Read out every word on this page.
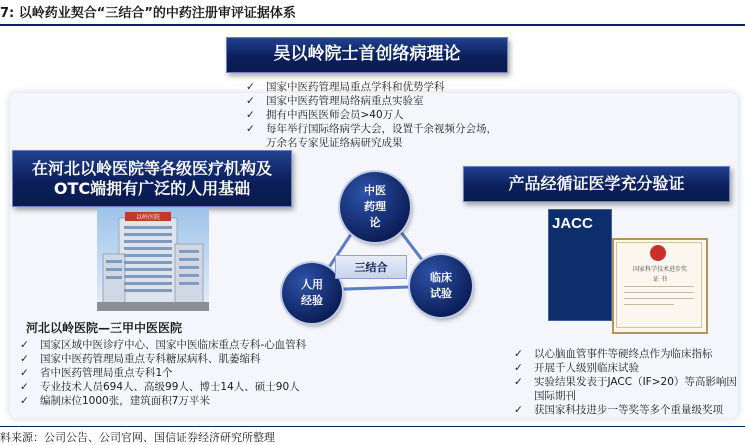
7: 以岭药业契合“三结合”的中药注册审评证据体系
吴以岭院士首创络病理论
✓ 国家中医药管理局重点学科和优势学科
✓ 国家中医药管理局络病重点实验室
✓ 拥有中西医医师会员>40万人
✓ 每年举行国际络病学大会，设置千余视频分会场，
万余名专家见证络病研究成果
在河北以岭医院等各级医疗机构及
OTC端拥有广泛的人用基础
以岭医院
河北以岭医院—三甲中医医院
✓ 国家区域中医诊疗中心、国家中医临床重点专科-心血管科
✓ 国家中医药管理局重点专科糖尿病科、肌萎缩科
✓ 省中医药管理局重点专科1个
✓ 专业技术人员694人、高级99人、博士14人、硕士90人
✓ 编制床位1000张，建筑面积7万平米
产品经循证医学充分验证
JACC
国家科学技术进步奖
证 书
✓ 以心脑血管事件等硬终点作为临床指标
✓ 开展千人级别临床试验
✓ 实验结果发表于JACC（IF>20）等高影响因
国际期刊
✓ 获国家科技进步一等奖等多个重量级奖项
中医
药理
论
人用
经验
临床
试验
三结合
料来源：公司公告、公司官网、国信证券经济研究所整理
